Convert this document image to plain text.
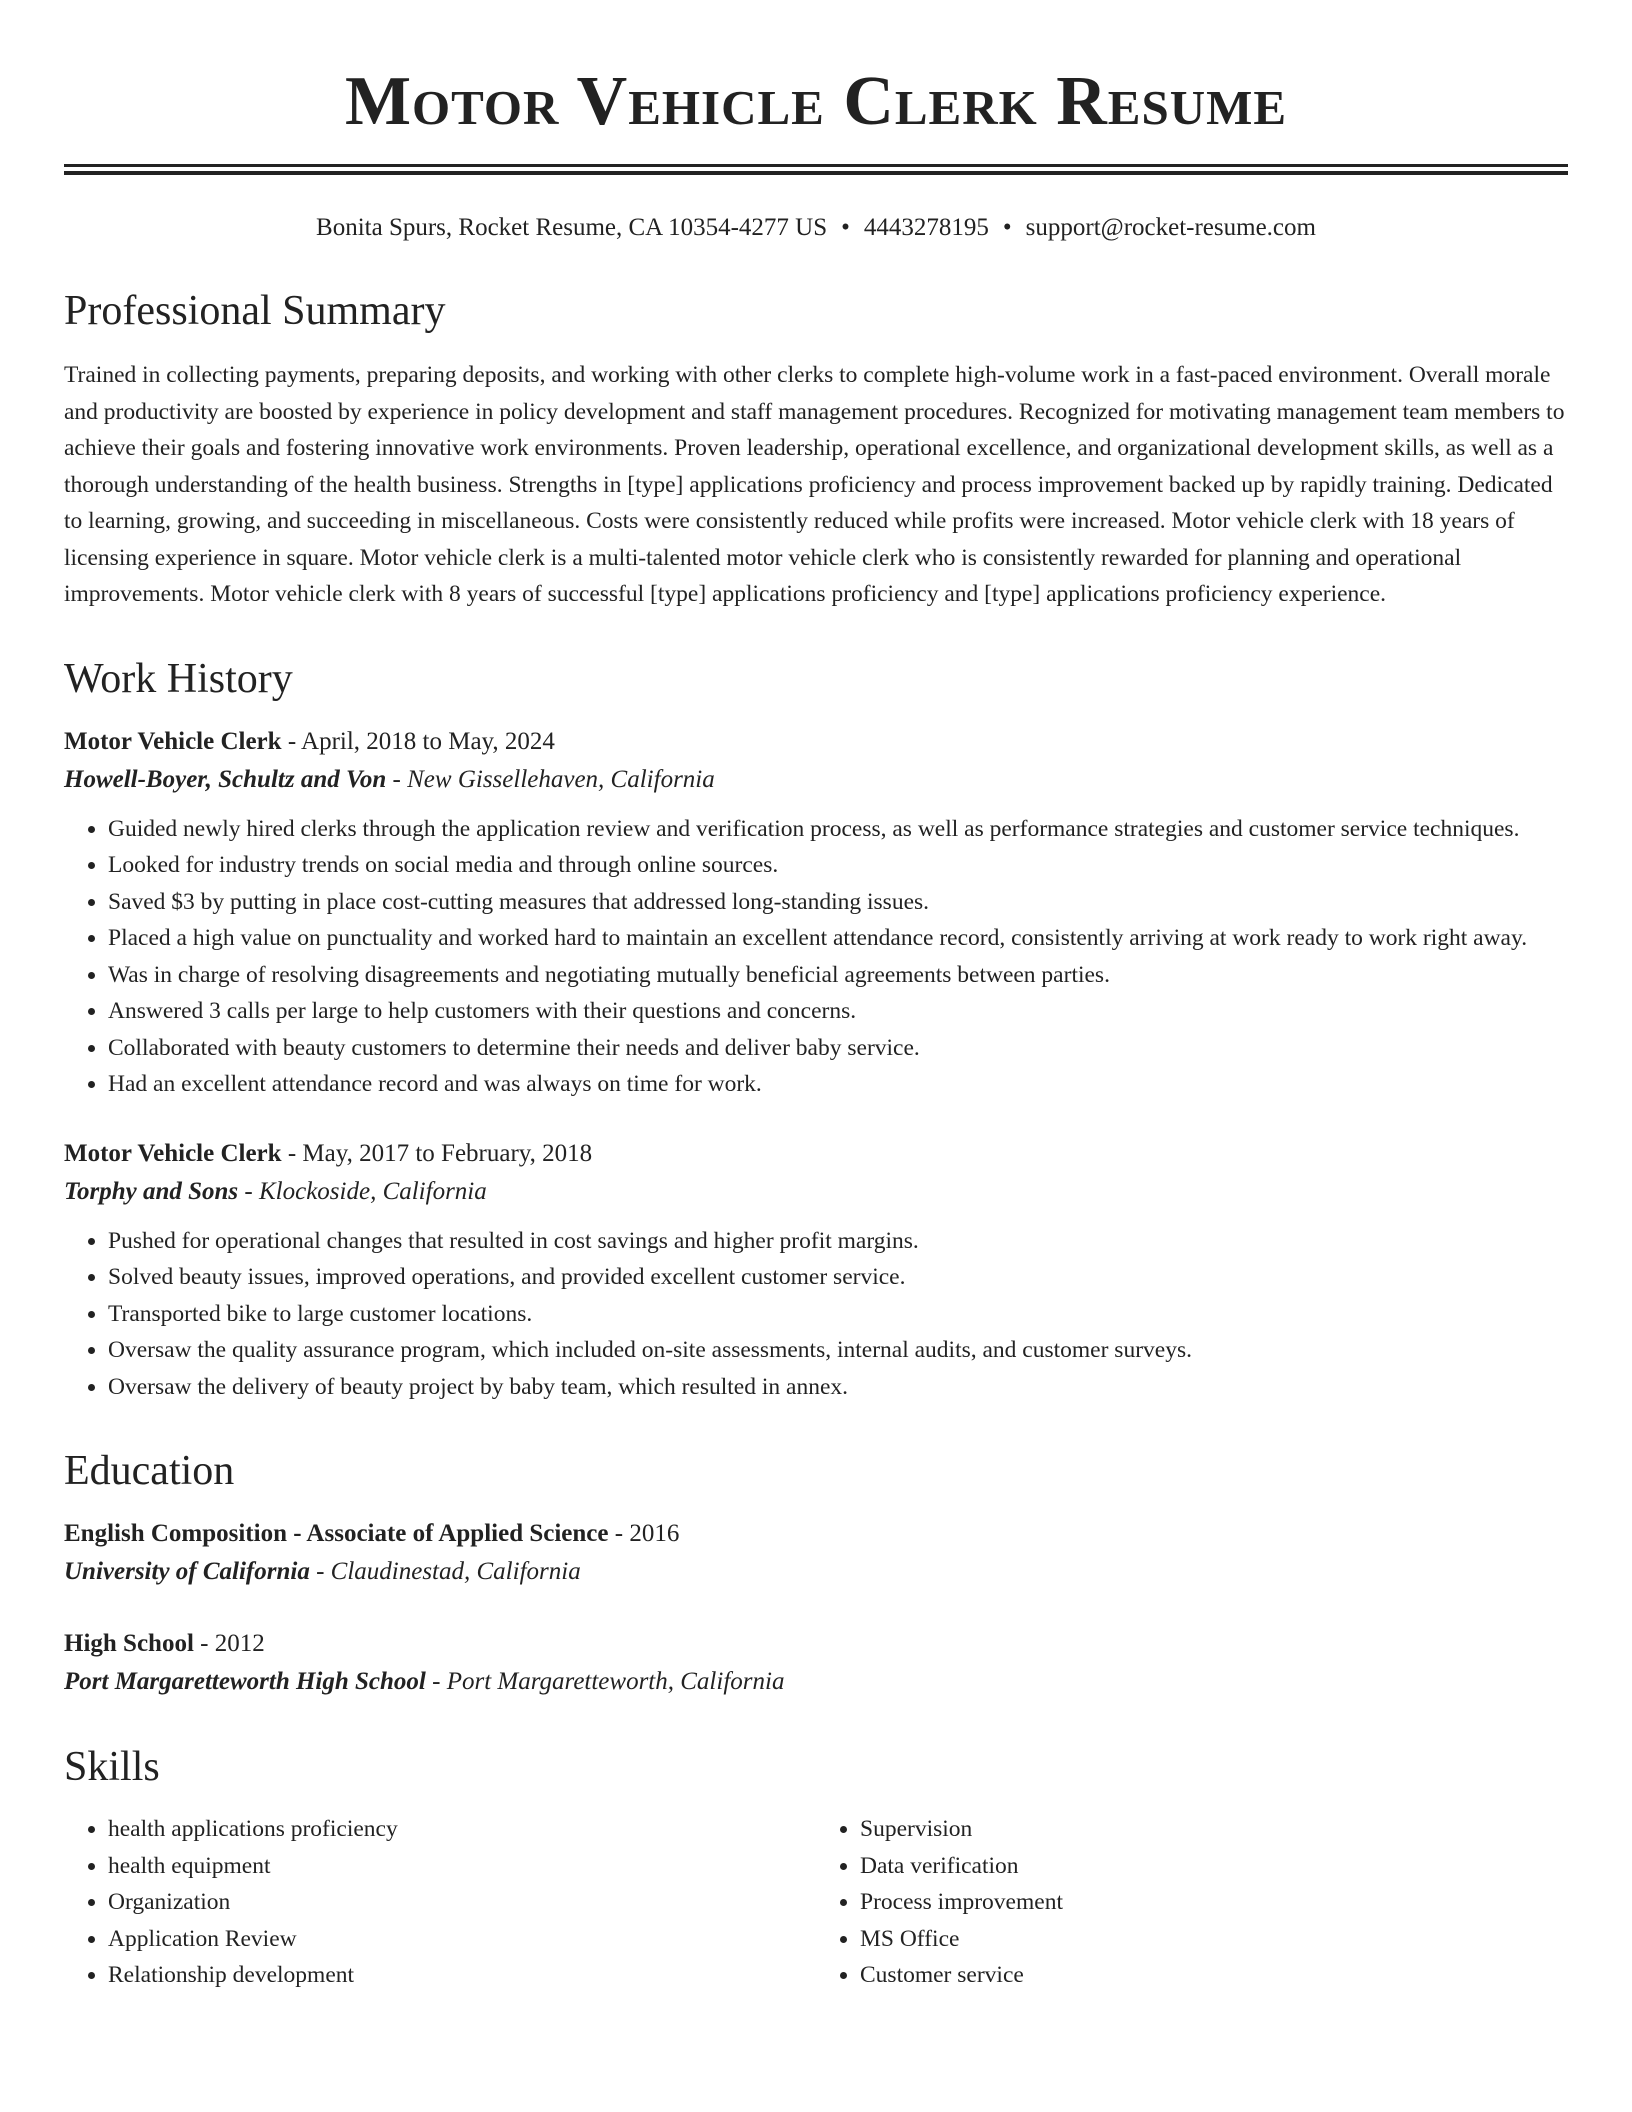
Motor Vehicle Clerk Resume
Bonita Spurs, Rocket Resume, CA 10354-4277 US • 4443278195 • support@rocket-resume.com
Professional Summary

Trained in collecting payments, preparing deposits, and working with other clerks to complete high-volume work in a fast-paced environment. Overall morale and productivity are boosted by experience in policy development and staff management procedures. Recognized for motivating management team members to achieve their goals and fostering innovative work environments. Proven leadership, operational excellence, and organizational development skills, as well as a thorough understanding of the health business. Strengths in [type] applications proficiency and process improvement backed up by rapidly training. Dedicated to learning, growing, and succeeding in miscellaneous. Costs were consistently reduced while profits were increased. Motor vehicle clerk with 18 years of licensing experience in square. Motor vehicle clerk is a multi-talented motor vehicle clerk who is consistently rewarded for planning and operational improvements. Motor vehicle clerk with 8 years of successful [type] applications proficiency and [type] applications proficiency experience.

Work History
Motor Vehicle Clerk - April, 2018 to May, 2024
Howell-Boyer, Schultz and Von - New Gissellehaven, California
• Guided newly hired clerks through the application review and verification process, as well as performance strategies and customer service techniques.
• Looked for industry trends on social media and through online sources.
• Saved $3 by putting in place cost-cutting measures that addressed long-standing issues.
• Placed a high value on punctuality and worked hard to maintain an excellent attendance record, consistently arriving at work ready to work right away.
• Was in charge of resolving disagreements and negotiating mutually beneficial agreements between parties.
• Answered 3 calls per large to help customers with their questions and concerns.
• Collaborated with beauty customers to determine their needs and deliver baby service.
• Had an excellent attendance record and was always on time for work.
Motor Vehicle Clerk - May, 2017 to February, 2018
Torphy and Sons - Klockoside, California
• Pushed for operational changes that resulted in cost savings and higher profit margins.
• Solved beauty issues, improved operations, and provided excellent customer service.
• Transported bike to large customer locations.
• Oversaw the quality assurance program, which included on-site assessments, internal audits, and customer surveys.
• Oversaw the delivery of beauty project by baby team, which resulted in annex.
Education
English Composition - Associate of Applied Science - 2016
University of California - Claudinestad, California
High School - 2012
Port Margaretteworth High School - Port Margaretteworth, California
Skills
• health applications proficiency
• health equipment
• Organization
• Application Review
• Relationship development
• Supervision
• Data verification
• Process improvement
• MS Office
• Customer service
